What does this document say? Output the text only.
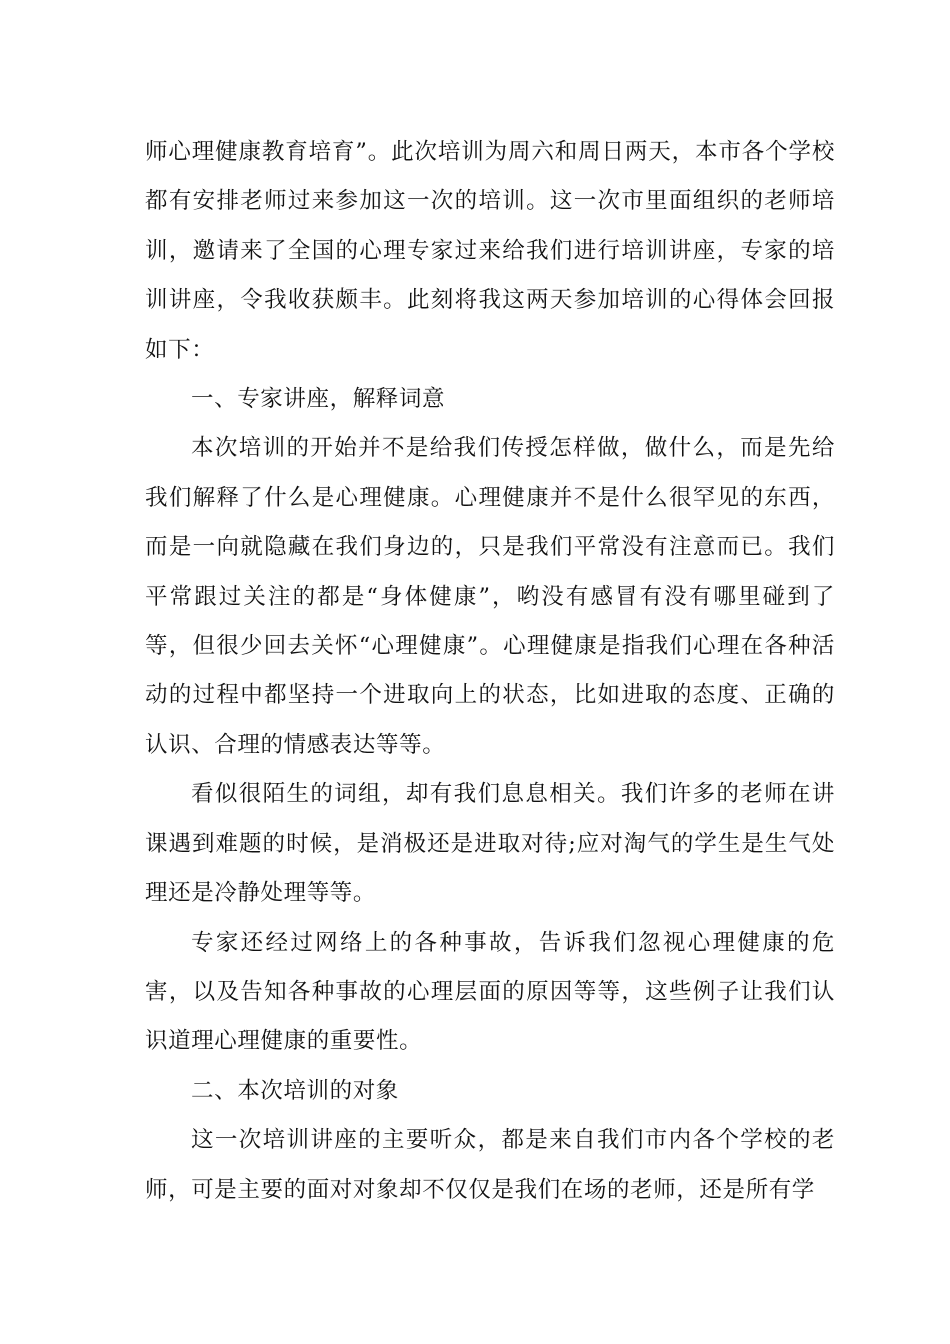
师心理健康教育培育”。此次培训为周六和周日两天，本市各个学校都有安排老师过来参加这一次的培训。这一次市里面组织的老师培训，邀请来了全国的心理专家过来给我们进行培训讲座，专家的培训讲座，令我收获颇丰。此刻将我这两天参加培训的心得体会回报如下：

一、专家讲座，解释词意

本次培训的开始并不是给我们传授怎样做，做什么，而是先给我们解释了什么是心理健康。心理健康并不是什么很罕见的东西，而是一向就隐藏在我们身边的，只是我们平常没有注意而已。我们平常跟过关注的都是“身体健康”，哟没有感冒有没有哪里碰到了等，但很少回去关怀“心理健康”。心理健康是指我们心理在各种活动的过程中都坚持一个进取向上的状态，比如进取的态度、正确的认识、合理的情感表达等等。

看似很陌生的词组，却有我们息息相关。我们许多的老师在讲课遇到难题的时候，是消极还是进取对待;应对淘气的学生是生气处理还是冷静处理等等。

专家还经过网络上的各种事故，告诉我们忽视心理健康的危害，以及告知各种事故的心理层面的原因等等，这些例子让我们认识道理心理健康的重要性。

二、本次培训的对象

这一次培训讲座的主要听众，都是来自我们市内各个学校的老师，可是主要的面对对象却不仅仅是我们在场的老师，还是所有学
